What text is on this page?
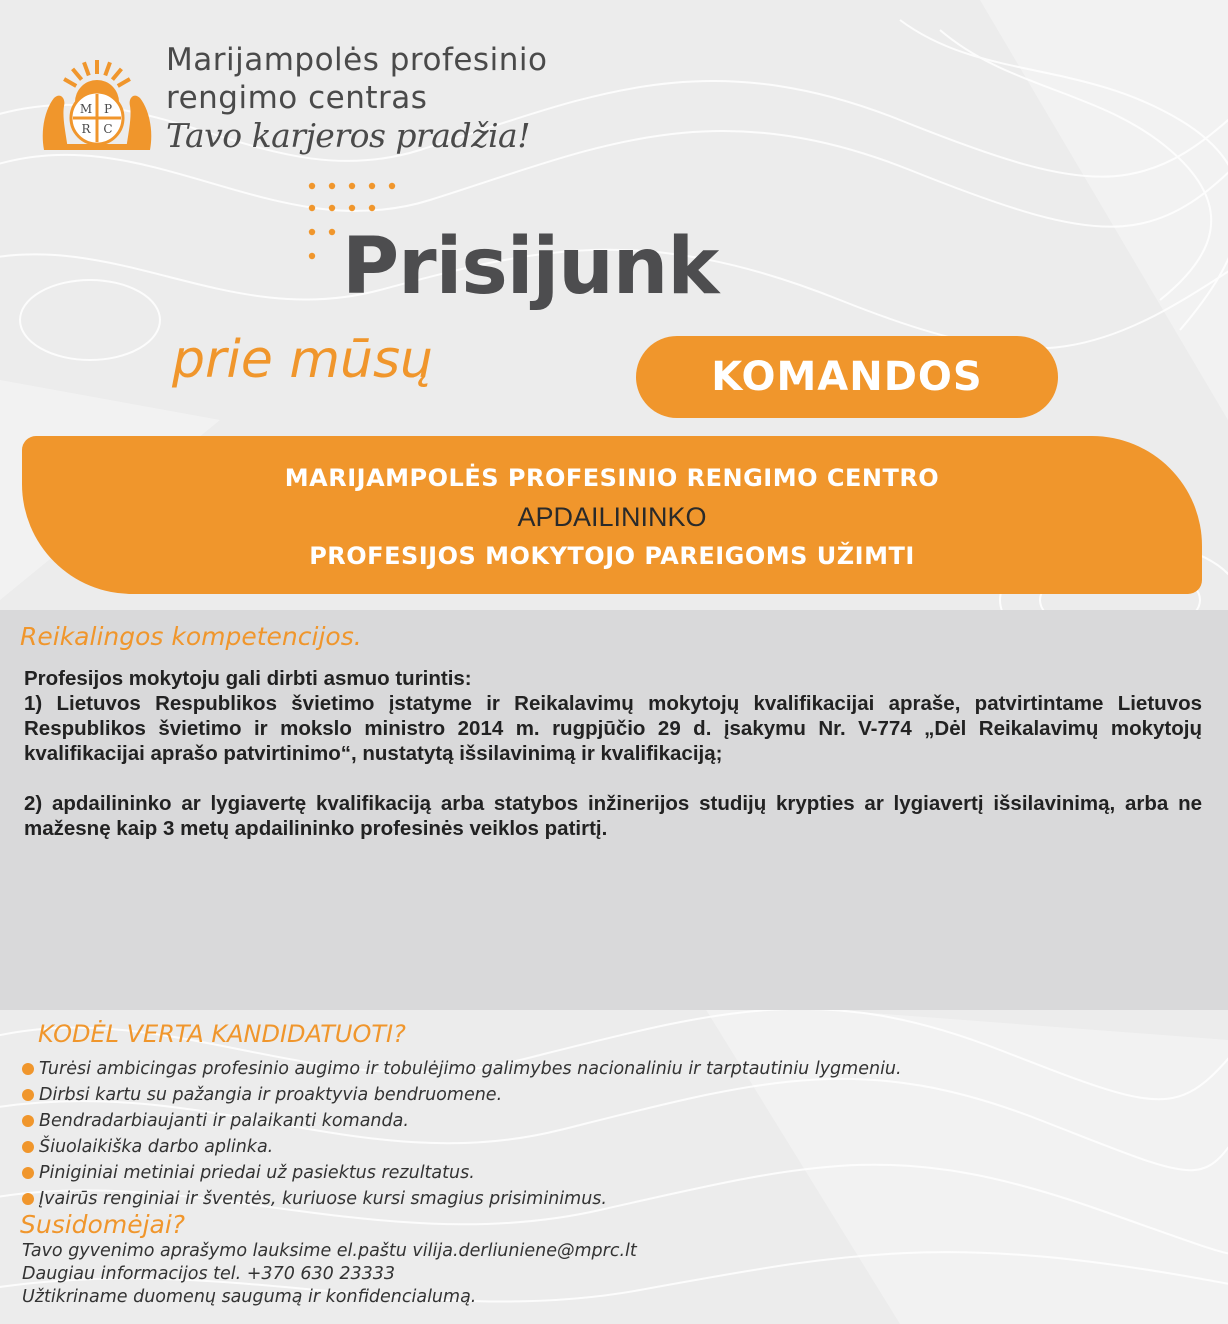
M P
R C
Marijampolės profesinio
rengimo centras
Tavo karjeros pradžia!
Prisijunk
prie mūsų	KOMANDOS
MARIJAMPOLĖS PROFESINIO RENGIMO CENTRO
APDAILININKO
PROFESIJOS MOKYTOJO PAREIGOMS UŽIMTI
Reikalingos kompetencijos.

Profesijos mokytoju gali dirbti asmuo turintis:

1) Lietuvos Respublikos švietimo įstatyme ir Reikalavimų mokytojų kvalifikacijai apraše, patvirtintame Lietuvos Respublikos švietimo ir mokslo ministro 2014 m. rugpjūčio 29 d. įsakymu Nr. V-774 „Dėl Reikalavimų mokytojų kvalifikacijai aprašo patvirtinimo“, nustatytą išsilavinimą ir kvalifikaciją;

2) apdailininko ar lygiavertę kvalifikaciją arba statybos inžinerijos studijų krypties ar lygiavertį išsilavinimą, arba ne mažesnę kaip 3 metų apdailininko profesinės veiklos patirtį.

KODĖL VERTA KANDIDATUOTI?
Turėsi ambicingas profesinio augimo ir tobulėjimo galimybes nacionaliniu ir tarptautiniu lygmeniu.
Dirbsi kartu su pažangia ir proaktyvia bendruomene.
Bendradarbiaujanti ir palaikanti komanda.
Šiuolaikiška darbo aplinka.
Piniginiai metiniai priedai už pasiektus rezultatus.
Įvairūs renginiai ir šventės, kuriuose kursi smagius prisiminimus.
Susidomėjai?
Tavo gyvenimo aprašymo lauksime el.paštu vilija.derliuniene@mprc.lt
Daugiau informacijos tel. +370 630 23333
Užtikriname duomenų saugumą ir konfidencialumą.
